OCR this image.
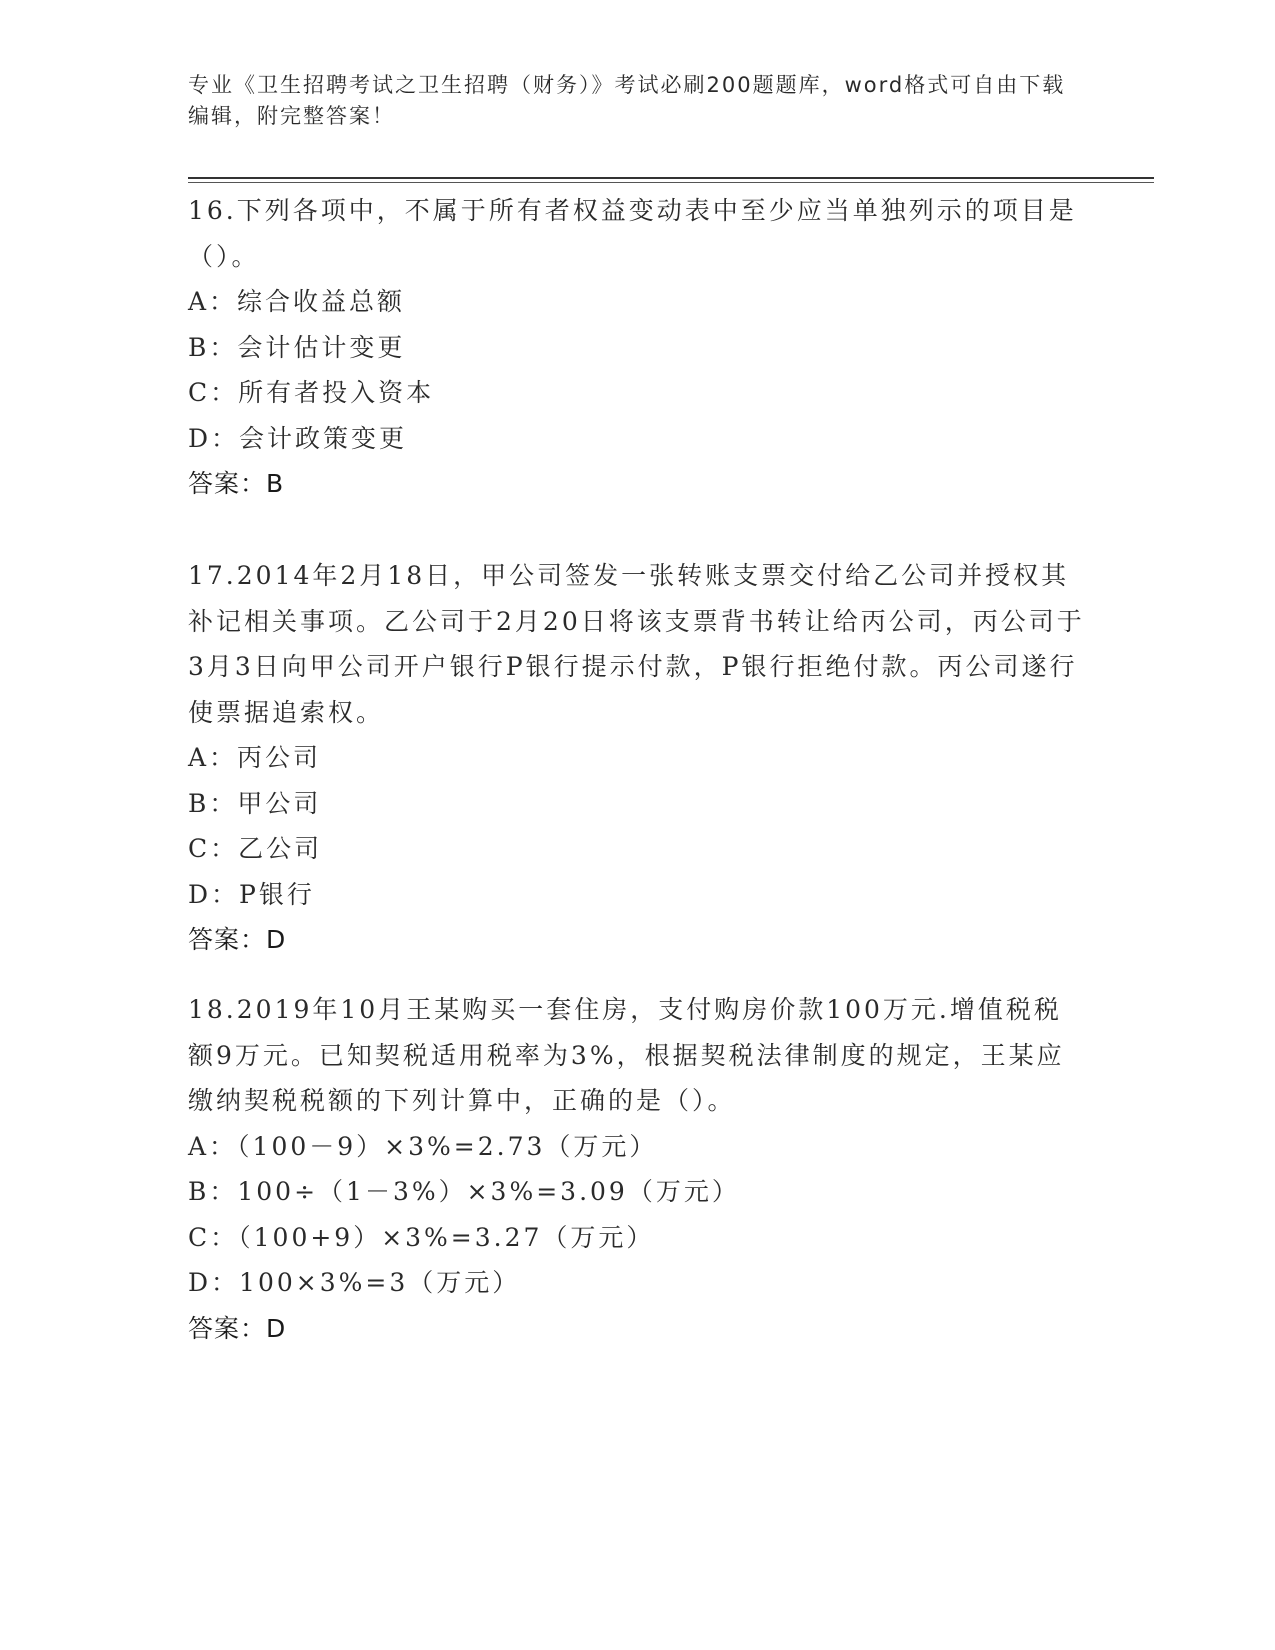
专业《卫生招聘考试之卫生招聘（财务）》考试必刷200题题库，word格式可自由下载编辑，附完整答案！

16.下列各项中，不属于所有者权益变动表中至少应当单独列示的项目是（）。

A：综合收益总额

B：会计估计变更

C：所有者投入资本

D：会计政策变更

答案：B

17.2014年2月18日，甲公司签发一张转账支票交付给乙公司并授权其补记相关事项。乙公司于2月20日将该支票背书转让给丙公司，丙公司于3月3日向甲公司开户银行P银行提示付款，P银行拒绝付款。丙公司遂行使票据追索权。

A：丙公司

B：甲公司

C：乙公司

D：P银行

答案：D

18.2019年10月王某购买一套住房，支付购房价款100万元.增值税税额9万元。已知契税适用税率为3%，根据契税法律制度的规定，王某应缴纳契税税额的下列计算中，正确的是（）。

A：（100－9）×3%=2.73（万元）

B：100÷（1－3%）×3%=3.09（万元）

C：（100+9）×3%=3.27（万元）

D：100×3%=3（万元）

答案：D
